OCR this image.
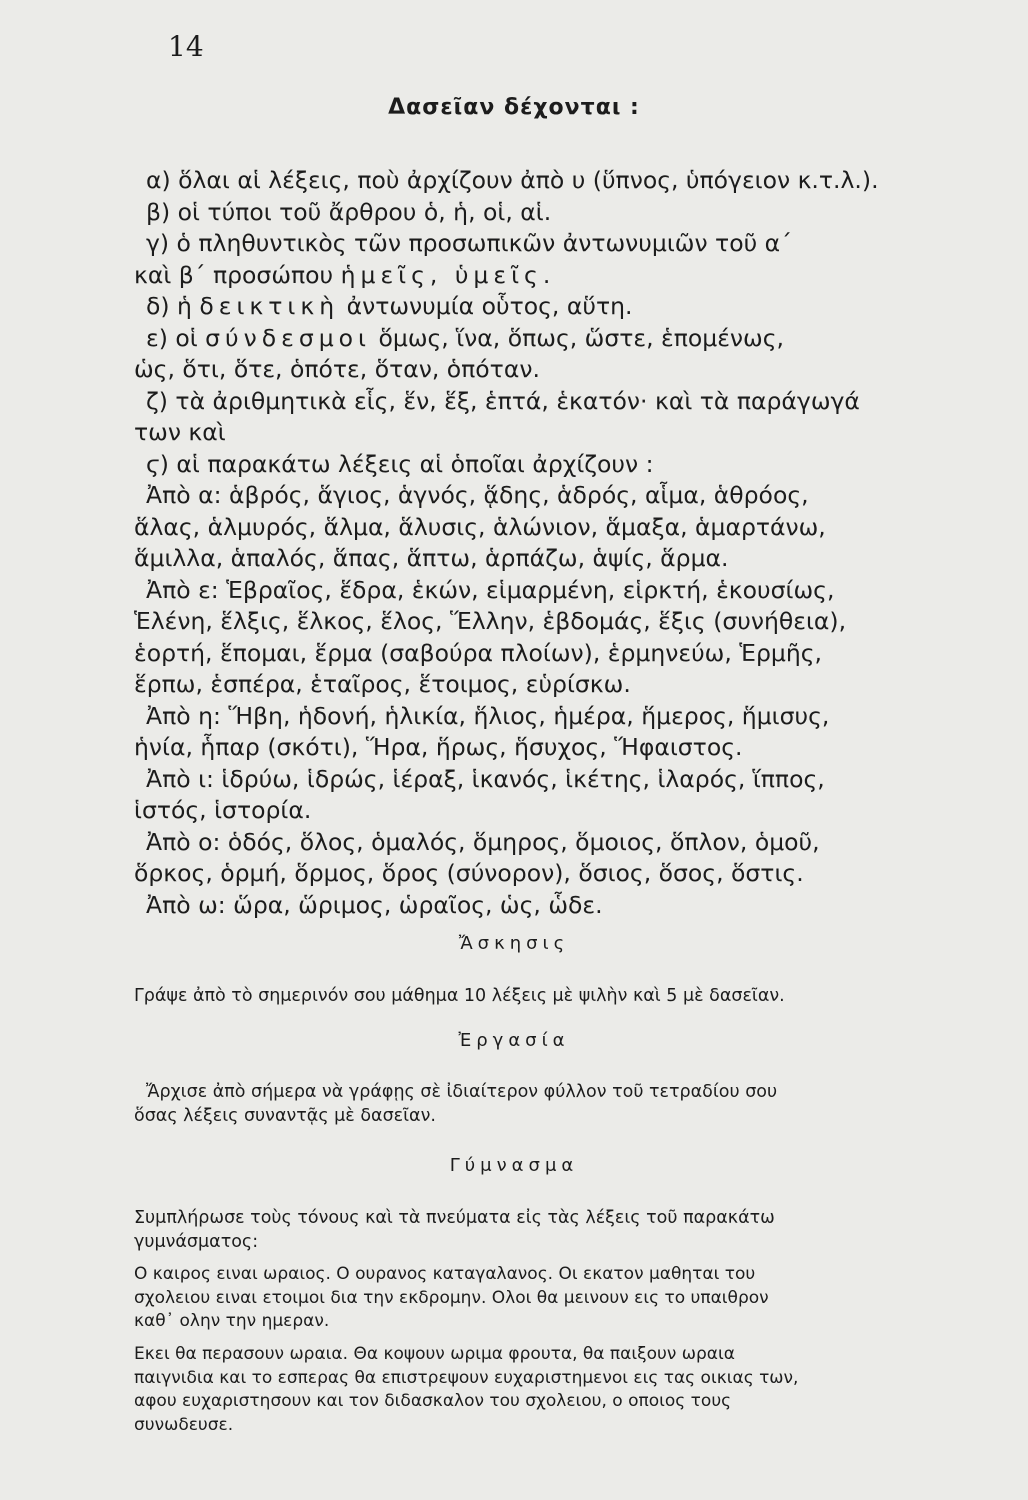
14
Δασεῖαν δέχονται :
α) ὅλαι αἱ λέξεις, ποὺ ἀρχίζουν ἀπὸ υ (ὕπνος, ὑπόγειον κ.τ.λ.).
β) οἱ τύποι τοῦ ἄρθρου ὁ, ἡ, οἱ, αἱ.
γ) ὁ πληθυντικὸς τῶν προσωπικῶν ἀντωνυμιῶν τοῦ α΄
καὶ β΄ προσώπου ἡμεῖς, ὑμεῖς.
δ) ἡ δεικτικὴ ἀντωνυμία οὗτος, αὕτη.
ε) οἱ σύνδεσμοι ὅμως, ἵνα, ὅπως, ὥστε, ἑπομένως,
ὡς, ὅτι, ὅτε, ὁπότε, ὅταν, ὁπόταν.
ζ) τὰ ἀριθμητικὰ εἷς, ἕν, ἕξ, ἑπτά, ἑκατόν· καὶ τὰ παράγωγά
των καὶ
ϛ) αἱ παρακάτω λέξεις αἱ ὁποῖαι ἀρχίζουν :
Ἀπὸ α: ἁβρός, ἅγιος, ἁγνός, ᾅδης, ἁδρός, αἷμα, ἁθρόος,
ἅλας, ἁλμυρός, ἅλμα, ἅλυσις, ἁλώνιον, ἅμαξα, ἁμαρτάνω,
ἅμιλλα, ἁπαλός, ἅπας, ἅπτω, ἁρπάζω, ἁψίς, ἅρμα.
Ἀπὸ ε: Ἑβραῖος, ἕδρα, ἑκών, εἱμαρμένη, εἱρκτή, ἑκουσίως,
Ἑλένη, ἕλξις, ἕλκος, ἕλος, Ἕλλην, ἑβδομάς, ἕξις (συνήθεια),
ἑορτή, ἕπομαι, ἕρμα (σαβούρα πλοίων), ἑρμηνεύω, Ἑρμῆς,
ἕρπω, ἑσπέρα, ἑταῖρος, ἕτοιμος, εὑρίσκω.
Ἀπὸ η: Ἥβη, ἡδονή, ἡλικία, ἥλιος, ἡμέρα, ἥμερος, ἥμισυς,
ἡνία, ἧπαρ (σκότι), Ἥρα, ἥρως, ἥσυχος, Ἥφαιστος.
Ἀπὸ ι: ἱδρύω, ἱδρώς, ἱέραξ, ἱκανός, ἱκέτης, ἱλαρός, ἵππος,
ἱστός, ἱστορία.
Ἀπὸ ο: ὁδός, ὅλος, ὁμαλός, ὅμηρος, ὅμοιος, ὅπλον, ὁμοῦ,
ὅρκος, ὁρμή, ὅρμος, ὅρος (σύνορον), ὅσιος, ὅσος, ὅστις.
Ἀπὸ ω: ὥρα, ὥριμος, ὡραῖος, ὡς, ὧδε.
Ἄσκησις
Γράψε ἀπὸ τὸ σημερινόν σου μάθημα 10 λέξεις μὲ ψιλὴν καὶ 5 μὲ δασεῖαν.
Ἐργασία
Ἄρχισε ἀπὸ σήμερα νὰ γράφῃς σὲ ἰδιαίτερον φύλλον τοῦ τετραδίου σου
ὅσας λέξεις συναντᾷς μὲ δασεῖαν.
Γύμνασμα
Συμπλήρωσε τοὺς τόνους καὶ τὰ πνεύματα εἰς τὰς λέξεις τοῦ παρακάτω
γυμνάσματος:
Ο καιρος ειναι ωραιος. Ο ουρανος καταγαλανος. Οι εκατον μαθηται του
σχολειου ειναι ετοιμοι δια την εκδρομην. Ολοι θα μεινουν εις το υπαιθρον
καθ᾽ ολην την ημεραν.
Εκει θα περασουν ωραια. Θα κοψουν ωριμα φρουτα, θα παιξουν ωραια
παιγνιδια και το εσπερας θα επιστρεψουν ευχαριστημενοι εις τας οικιας των,
αφου ευχαριστησουν και τον διδασκαλον του σχολειου, ο οποιος τους
συνωδευσε.
